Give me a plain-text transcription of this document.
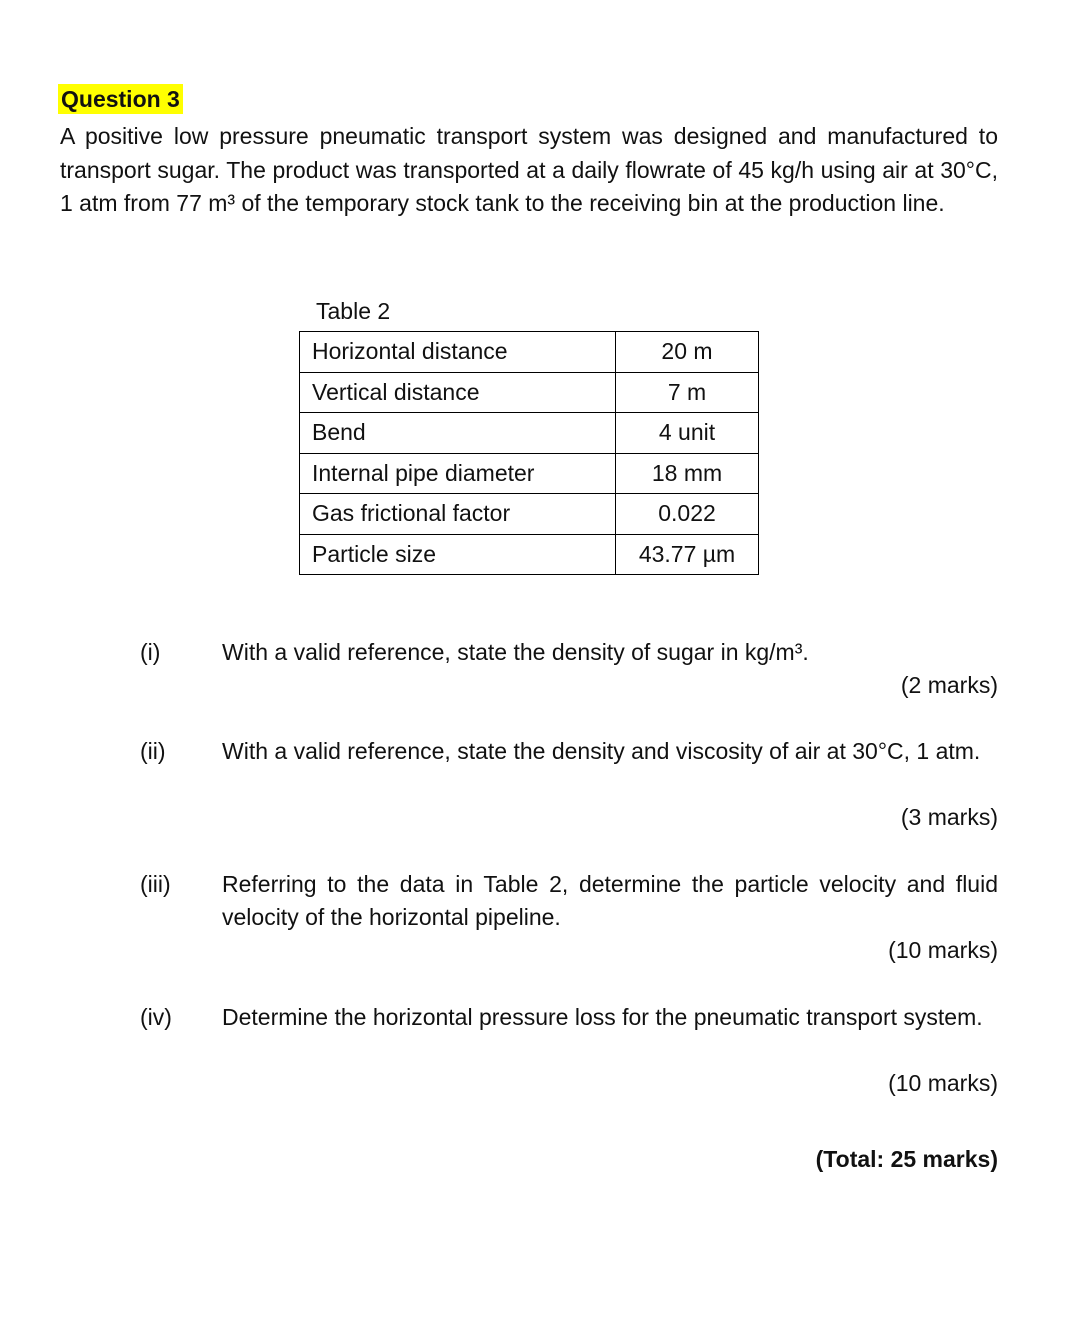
Question 3
A positive low pressure pneumatic transport system was designed and manufactured to transport sugar. The product was transported at a daily flowrate of 45 kg/h using air at 30°C, 1 atm from 77 m³ of the temporary stock tank to the receiving bin at the production line.
Table 2
Horizontal distance	20 m
Vertical distance	7 m
Bend	4 unit
Internal pipe diameter	18 mm
Gas frictional factor	0.022
Particle size	43.77 µm
(i)	With a valid reference, state the density of sugar in kg/m³.
(2 marks)
(ii) With a valid reference, state the density and viscosity of air at 30°C, 1 atm.
(3 marks)
(iii) Referring to the data in Table 2, determine the particle velocity and fluid velocity of the horizontal pipeline.
(10 marks)
(iv) Determine the horizontal pressure loss for the pneumatic transport system.
(10 marks)
(Total: 25 marks)
